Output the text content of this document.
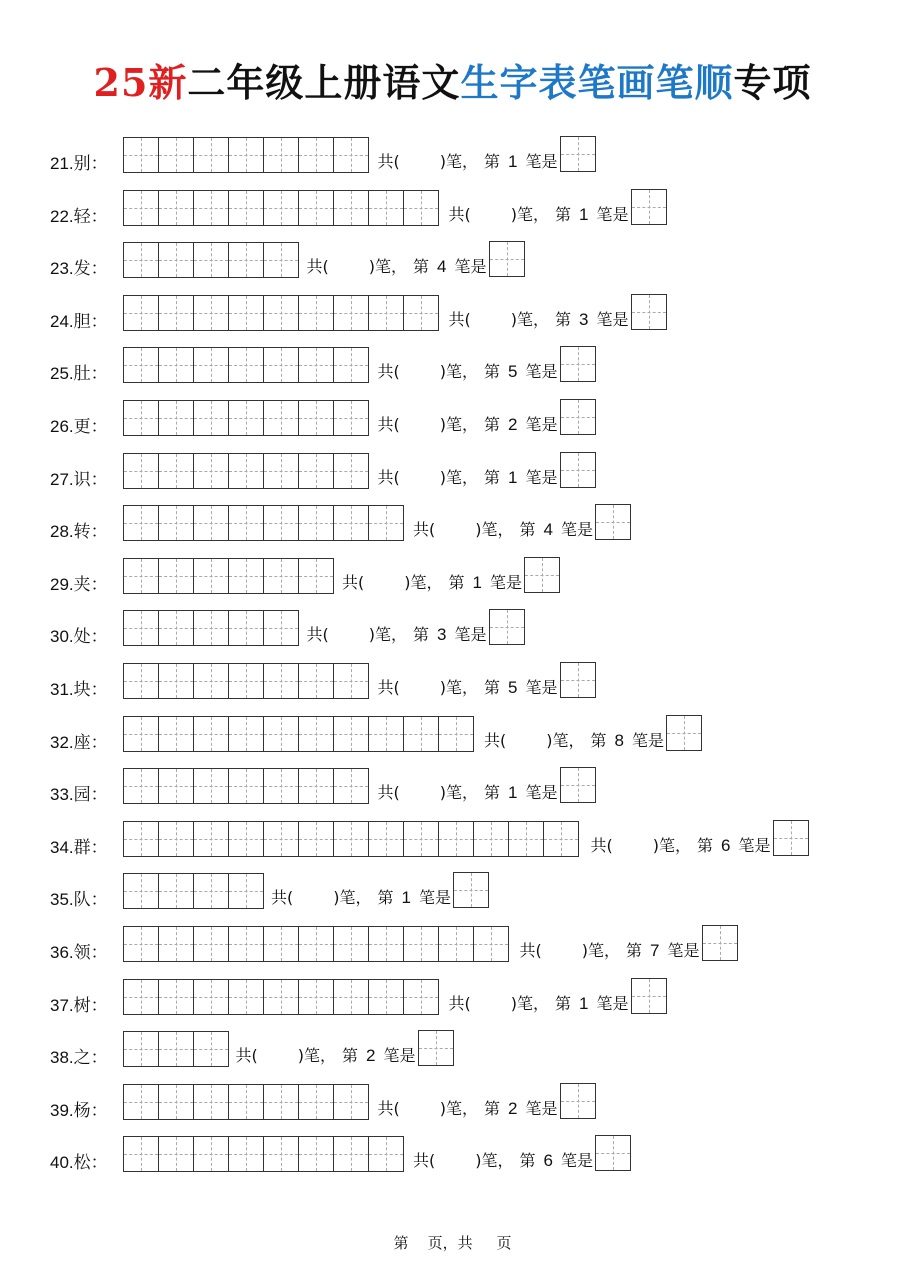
25新二年级上册语文生字表笔画笔顺专项
21.别：	共(	)笔， 第 1 笔是
22.轻：	共(	)笔， 第 1 笔是
23.发：	共(	)笔， 第 4 笔是
24.胆：	共(	)笔， 第 3 笔是
25.肚：	共(	)笔， 第 5 笔是
26.更：	共(	)笔， 第 2 笔是
27.识：	共(	)笔， 第 1 笔是
28.转：	共(	)笔， 第 4 笔是
29.夹：	共(	)笔， 第 1 笔是
30.处：	共(	)笔， 第 3 笔是
31.块：	共(	)笔， 第 5 笔是
32.座：	共(	)笔， 第 8 笔是
33.园：	共(	)笔， 第 1 笔是
34.群：	共(	)笔， 第 6 笔是
35.队：	共(	)笔， 第 1 笔是
36.领：	共(	)笔， 第 7 笔是
37.树：	共(	)笔， 第 1 笔是
38.之：	共(	)笔， 第 2 笔是
39.杨：	共(	)笔， 第 2 笔是
40.松：	共(	)笔， 第 6 笔是
第    页，共     页
